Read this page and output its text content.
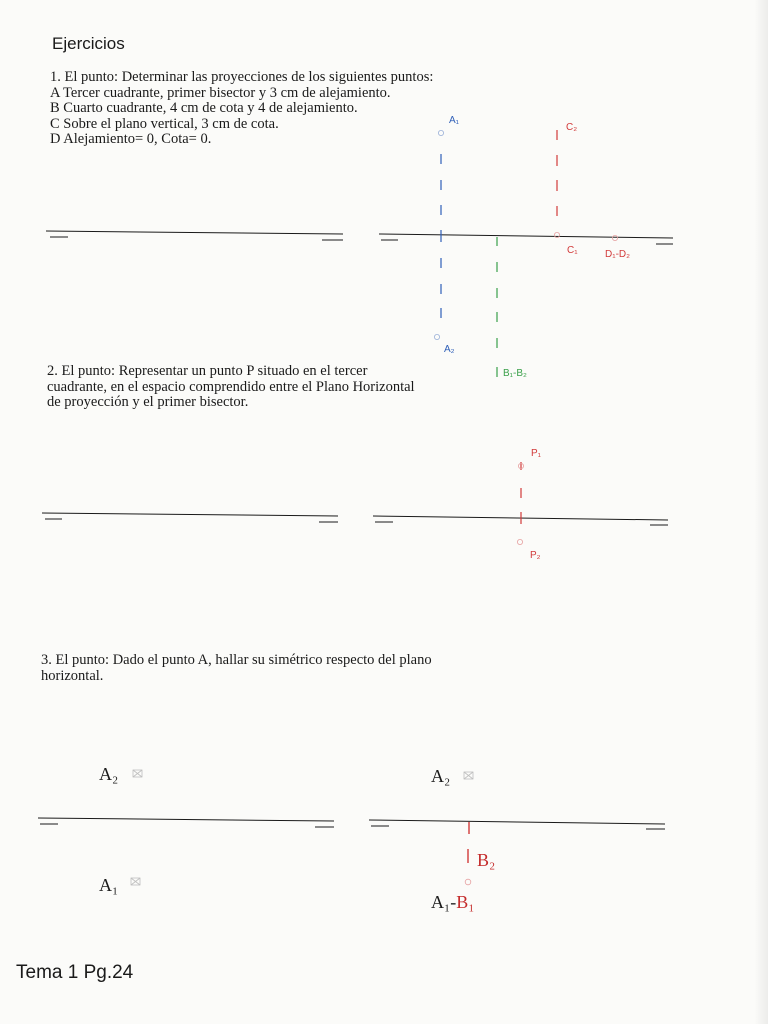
Ejercicios
1. El punto: Determinar las proyecciones de los siguientes puntos:
A Tercer cuadrante, primer bisector y 3 cm de alejamiento.
B Cuarto cuadrante, 4 cm de cota y 4 de alejamiento.
C Sobre el plano vertical, 3 cm de cota.
D Alejamiento= 0, Cota= 0.
2. El punto: Representar un punto P situado en el tercer
cuadrante, en el espacio comprendido entre el Plano Horizontal
de proyección y el primer bisector.
3. El punto: Dado el punto A, hallar su simétrico respecto del plano
horizontal.
A₁
A₂
C₂
C₁	D₁-D₂
B₁-B₂
P₁
P₂
A₂
A₁
A₂
B₂
A₁-B₁
Tema 1 Pg.24
